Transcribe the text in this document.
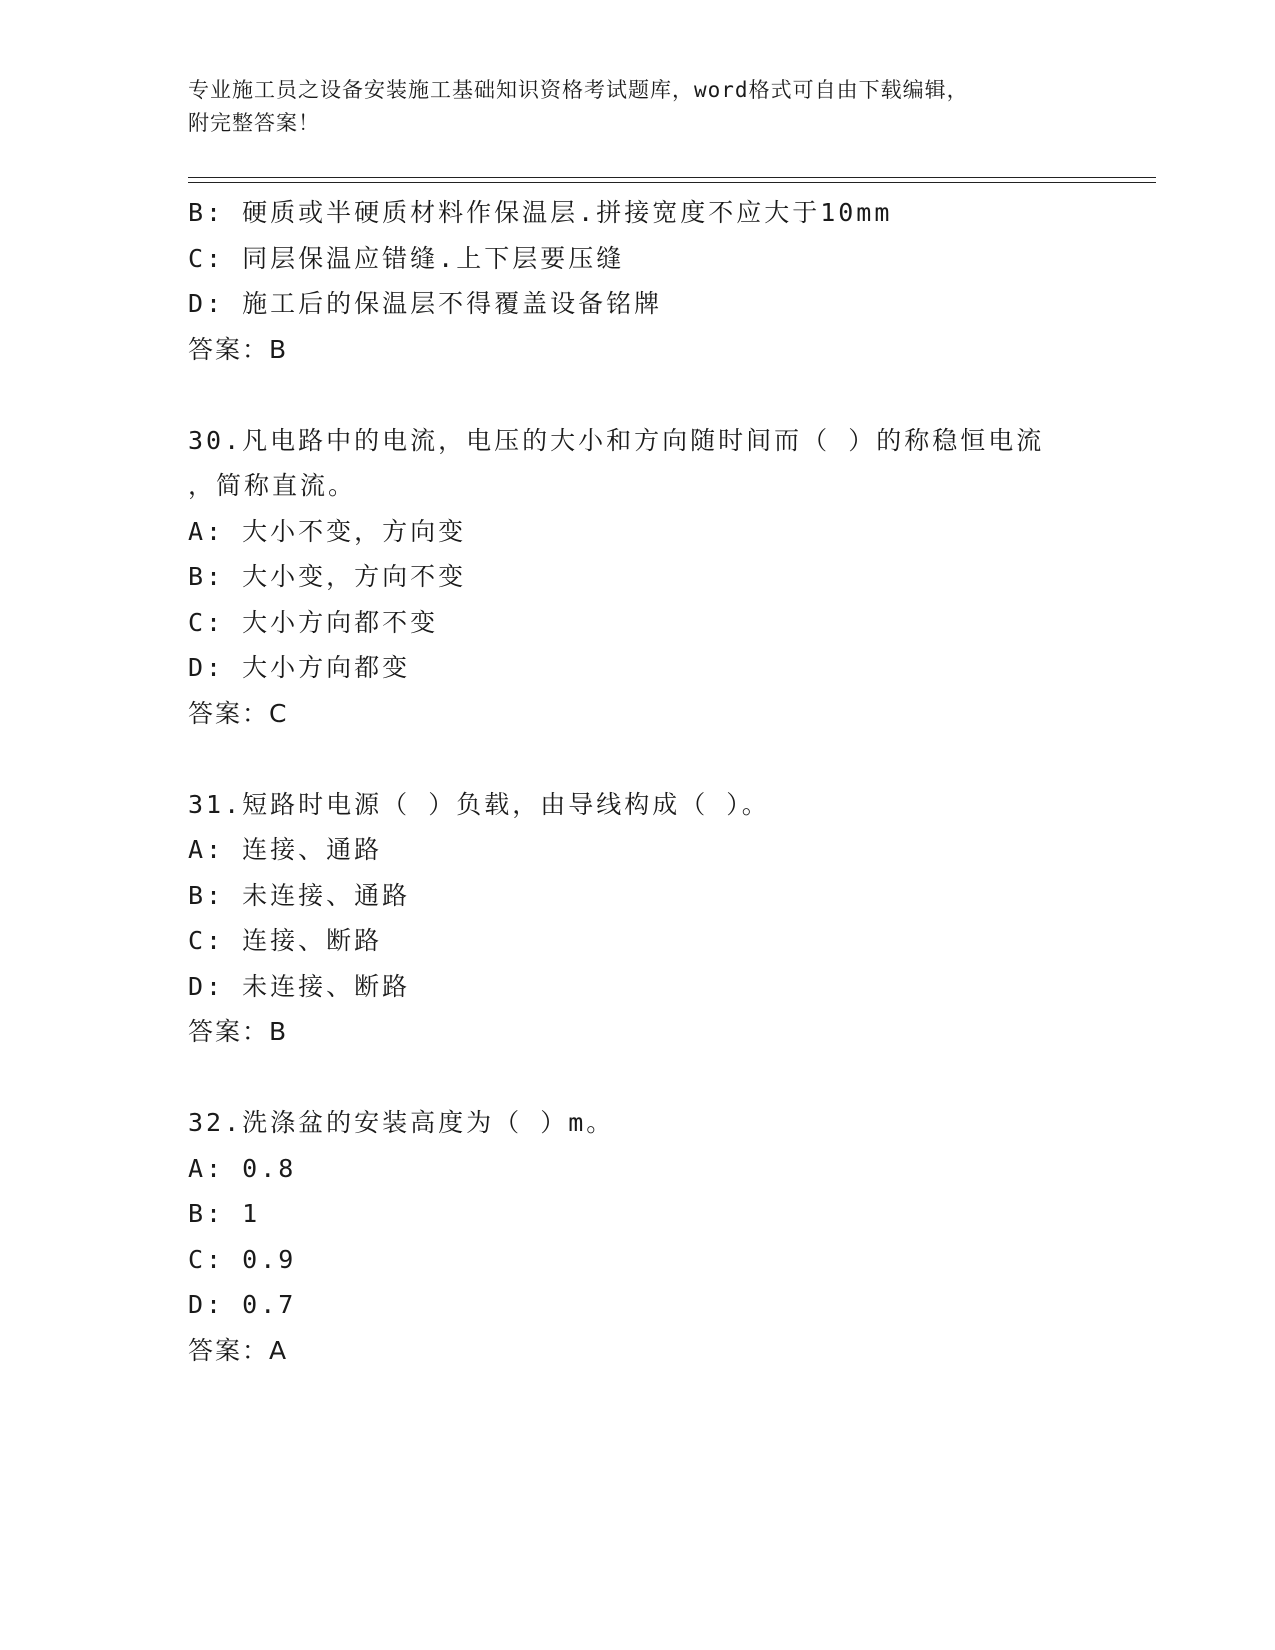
专业施工员之设备安装施工基础知识资格考试题库，word格式可自由下载编辑，
附完整答案！
B: 硬质或半硬质材料作保温层.拼接宽度不应大于10mm
C: 同层保温应错缝.上下层要压缝
D: 施工后的保温层不得覆盖设备铭牌
答案：B
30.凡电路中的电流，电压的大小和方向随时间而（ ）的称稳恒电流
，简称直流。
A: 大小不变，方向变
B: 大小变，方向不变
C: 大小方向都不变
D: 大小方向都变
答案：C
31.短路时电源（ ）负载，由导线构成（ ）。
A: 连接、通路
B: 未连接、通路
C: 连接、断路
D: 未连接、断路
答案：B
32.洗涤盆的安装高度为（ ）m。
A: 0.8
B: 1
C: 0.9
D: 0.7
答案：A
